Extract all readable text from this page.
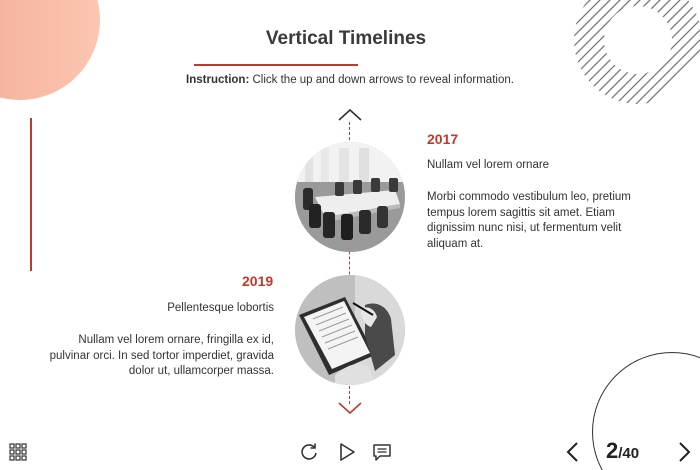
Vertical Timelines
Instruction: Click the up and down arrows to reveal information.
2017
Nullam vel lorem ornare
Morbi commodo vestibulum leo, pretium tempus lorem sagittis sit amet. Etiam dignissim nunc nisi, ut fermentum velit aliquam at.
2019
Pellentesque lobortis
Nullam vel lorem ornare, fringilla ex id, pulvinar orci. In sed tortor imperdiet, gravida dolor ut, ullamcorper massa.
2/40
